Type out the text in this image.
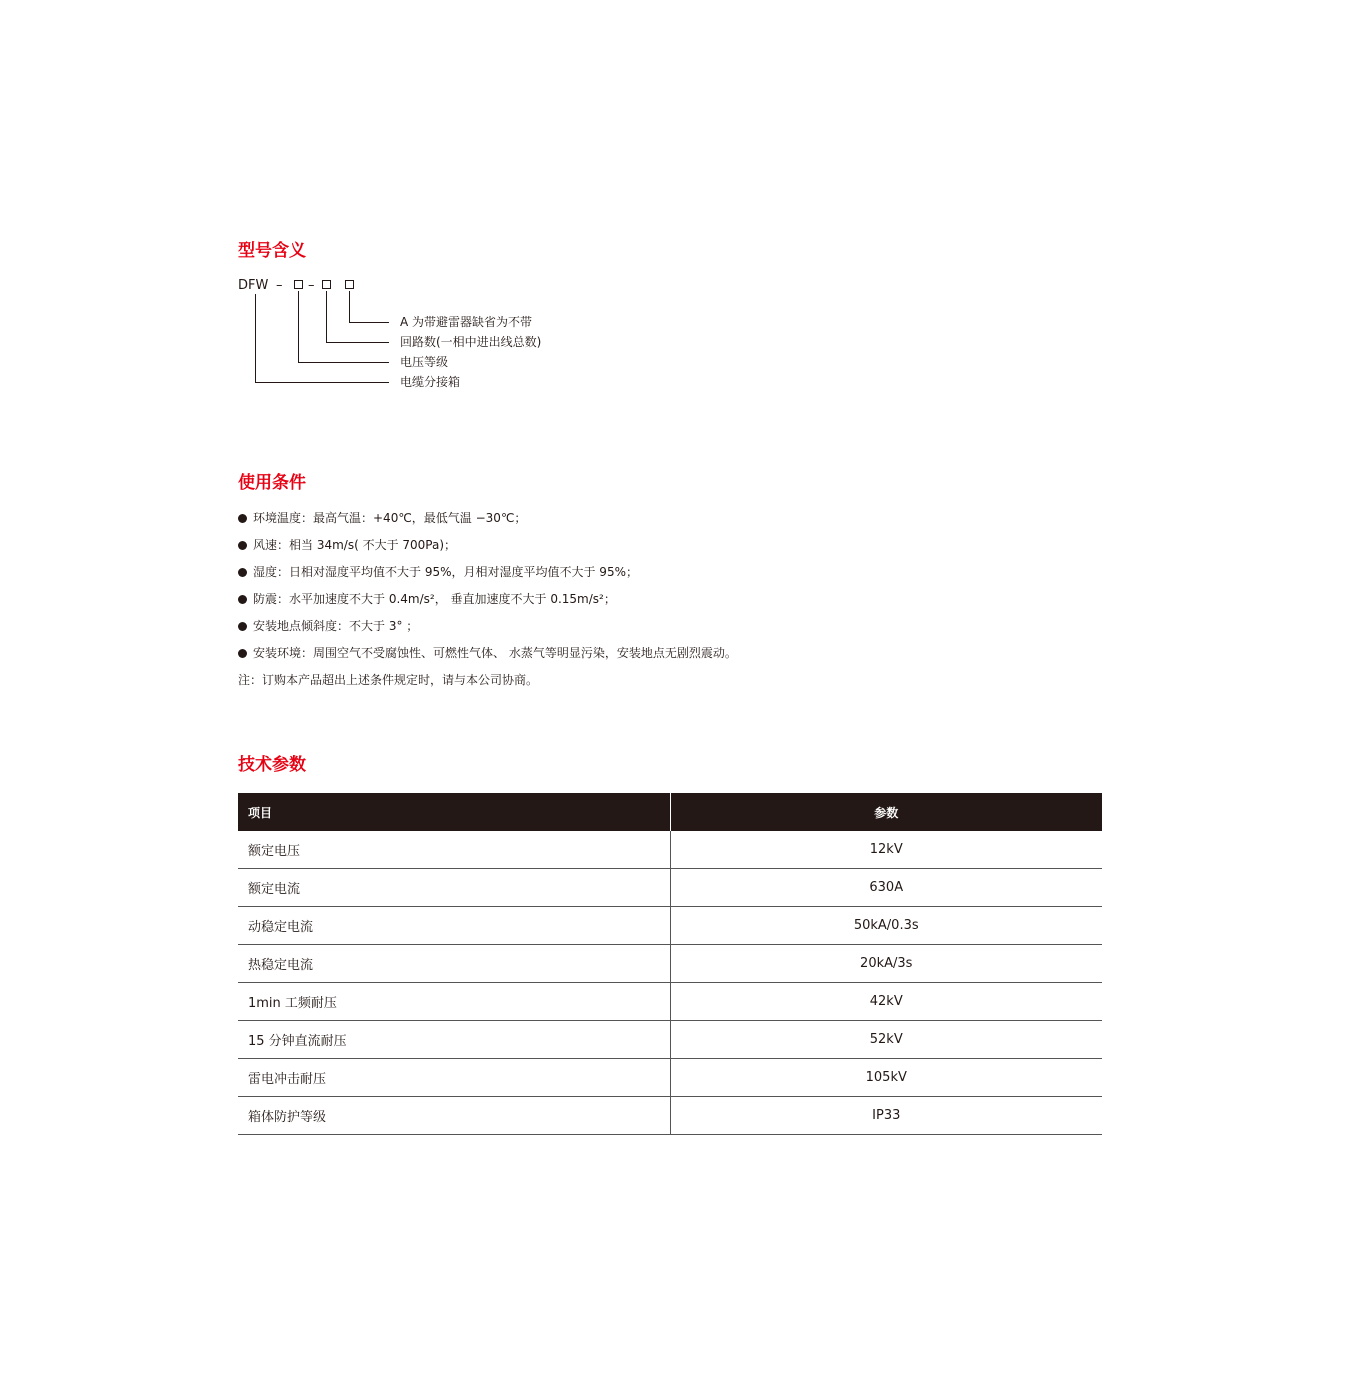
型号含义
DFW – –
A 为带避雷器缺省为不带
回路数(一相中进出线总数)
电压等级
电缆分接箱
使用条件
环境温度：最高气温：+40℃，最低气温 −30℃；
风速：相当 34m/s( 不大于 700Pa)；
湿度：日相对湿度平均值不大于 95%，月相对湿度平均值不大于 95%；
防震：水平加速度不大于 0.4m/s²， 垂直加速度不大于 0.15m/s²；
安装地点倾斜度：不大于 3° ；
安装环境：周围空气不受腐蚀性、可燃性气体、 水蒸气等明显污染，安装地点无剧烈震动。
注：订购本产品超出上述条件规定时，请与本公司协商。
技术参数
项目	参数
额定电压	12kV
额定电流	630A
动稳定电流	50kA/0.3s
热稳定电流	20kA/3s
1min 工频耐压	42kV
15 分钟直流耐压	52kV
雷电冲击耐压	105kV
箱体防护等级	IP33
